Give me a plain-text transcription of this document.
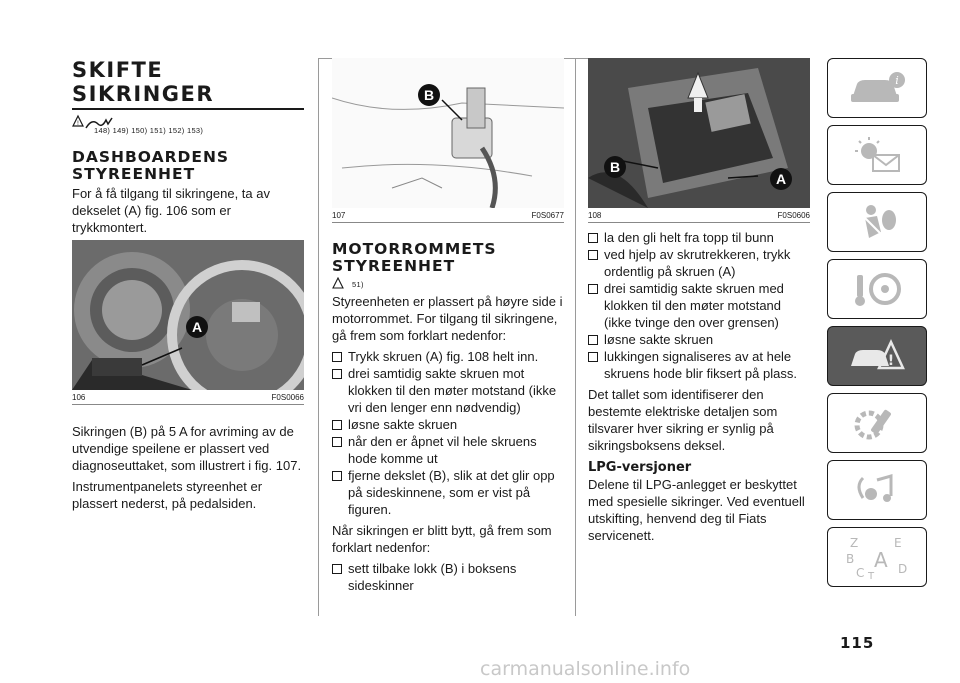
SKIFTE SIKRINGER
!
148) 149) 150) 151) 152) 153)
DASHBOARDENS STYREENHET

For å få tilgang til sikringene, ta av dekselet (A) fig. 106 som er trykkmontert.

A
106	F0S0066

Sikringen (B) på 5 A for avriming av de utvendige speilene er plassert ved diagnoseuttaket, som illustrert i fig. 107.

Instrumentpanelets styreenhet er plassert nederst, på pedalsiden.

B
107	F0S0677
MOTORROMMETS STYREENHET
51)

Styreenheten er plassert på høyre side i motorrommet. For tilgang til sikringene, gå frem som forklart nedenfor:

Trykk skruen (A) fig. 108 helt inn.
drei samtidig sakte skruen mot klokken til den møter motstand (ikke vri den lenger enn nødvendig)
løsne sakte skruen
når den er åpnet vil hele skruens hode komme ut
fjerne dekslet (B), slik at det glir opp på sideskinnene, som er vist på figuren.

Når sikringen er blitt bytt, gå frem som forklart nedenfor:

sett tilbake lokk (B) i boksens sideskinner
B
A
108	F0S0606
la den gli helt fra topp til bunn
ved hjelp av skrutrekkeren, trykk ordentlig på skruen (A)
drei samtidig sakte skruen med klokken til den møter motstand (ikke tvinge den over grensen)
løsne sakte skruen
lukkingen signaliseres av at hele skruens hode blir fiksert på plass.

Det tallet som identifiserer den bestemte elektriske detaljen som tilsvarer hver sikring er synlig på sikringsboksens deksel.

LPG-versjoner

Delene til LPG-anlegget er beskyttet med spesielle sikringer. Ved eventuell utskifting, henvend deg til Fiats servicenett.

i
!
Z	E
B A
C	D
T
115
carmanualsonline.info
